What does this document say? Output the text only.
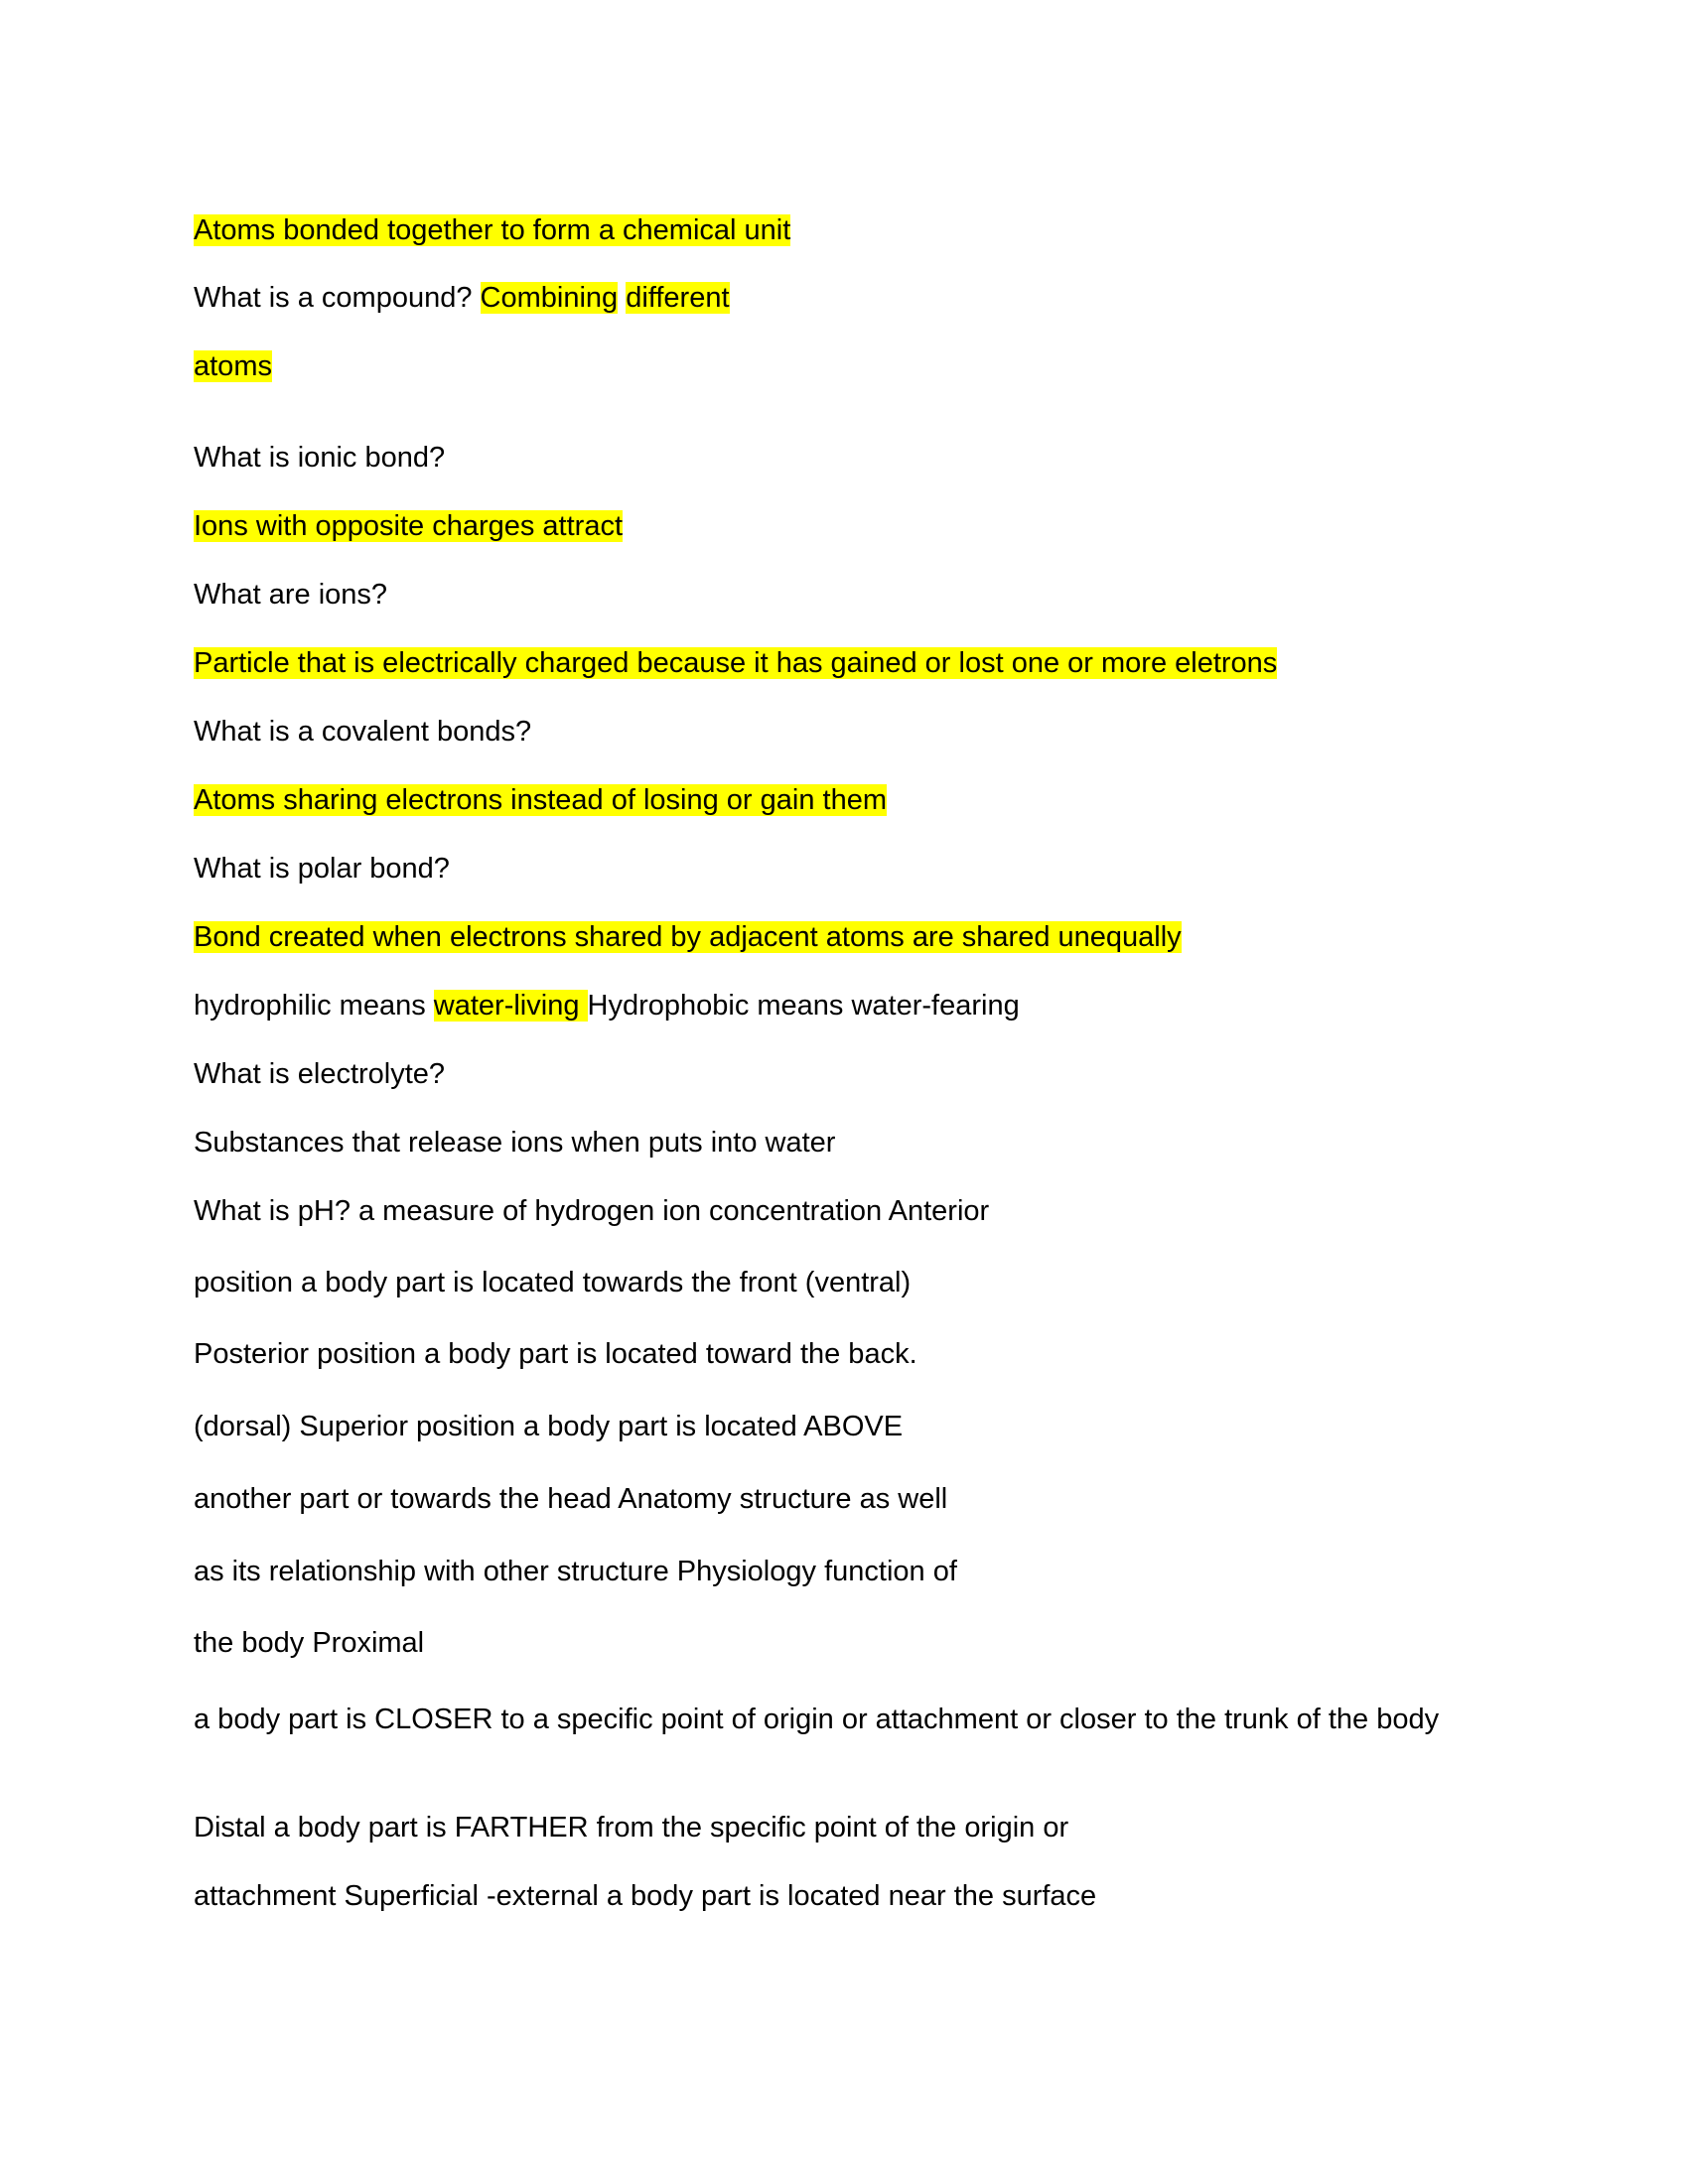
Atoms bonded together to form a chemical unit
What is a compound? Combining different
atoms
What is ionic bond?
Ions with opposite charges attract
What are ions?
Particle that is electrically charged because it has gained or lost one or more eletrons
What is a covalent bonds?
Atoms sharing electrons instead of losing or gain them
What is polar bond?
Bond created when electrons shared by adjacent atoms are shared unequally
hydrophilic means water-living Hydrophobic means water-fearing
What is electrolyte?
Substances that release ions when puts into water
What is pH? a measure of hydrogen ion concentration Anterior
position a body part is located towards the front (ventral)
Posterior position a body part is located toward the back.
(dorsal) Superior position a body part is located ABOVE
another part or towards the head Anatomy structure as well
as its relationship with other structure Physiology function of
the body Proximal
a body part is CLOSER to a specific point of origin or attachment or closer to the trunk of the body
Distal a body part is FARTHER from the specific point of the origin or
attachment Superficial -external a body part is located near the surface
